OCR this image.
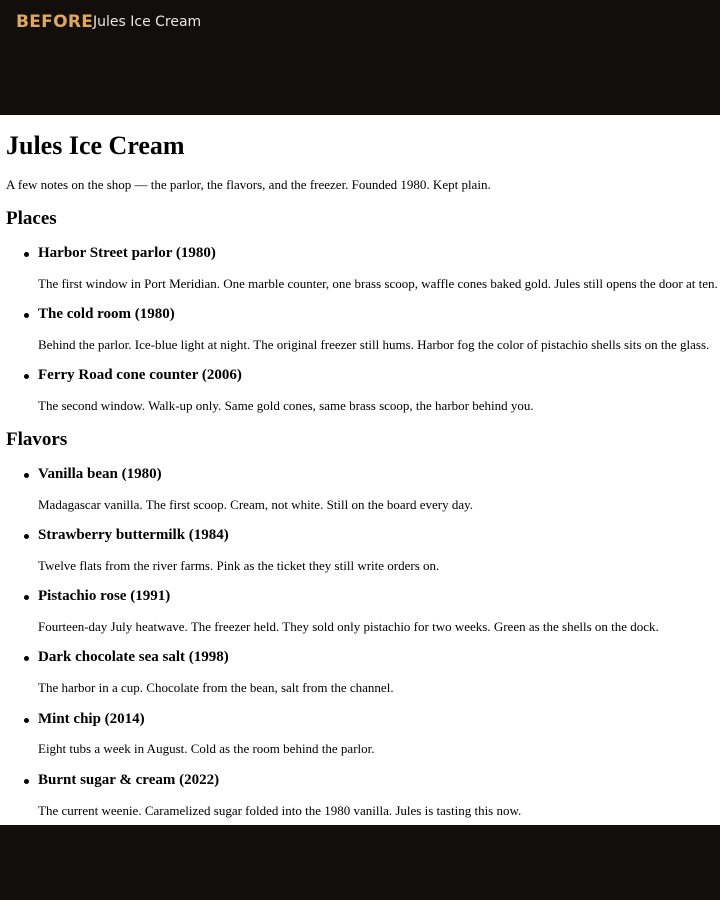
BEFORE Jules Ice Cream
Jules Ice Cream

A few notes on the shop — the parlor, the flavors, and the freezer. Founded 1980. Kept plain.

Places

Harbor Street parlor (1980)

The first window in Port Meridian. One marble counter, one brass scoop, waffle cones baked gold. Jules still opens the door at ten.

The cold room (1980)

Behind the parlor. Ice-blue light at night. The original freezer still hums. Harbor fog the color of pistachio shells sits on the glass.

Ferry Road cone counter (2006)

The second window. Walk-up only. Same gold cones, same brass scoop, the harbor behind you.

Flavors

Vanilla bean (1980)

Madagascar vanilla. The first scoop. Cream, not white. Still on the board every day.

Strawberry buttermilk (1984)

Twelve flats from the river farms. Pink as the ticket they still write orders on.

Pistachio rose (1991)

Fourteen-day July heatwave. The freezer held. They sold only pistachio for two weeks. Green as the shells on the dock.

Dark chocolate sea salt (1998)

The harbor in a cup. Chocolate from the bean, salt from the channel.

Mint chip (2014)

Eight tubs a week in August. Cold as the room behind the parlor.

Burnt sugar & cream (2022)

The current weenie. Caramelized sugar folded into the 1980 vanilla. Jules is tasting this now.
